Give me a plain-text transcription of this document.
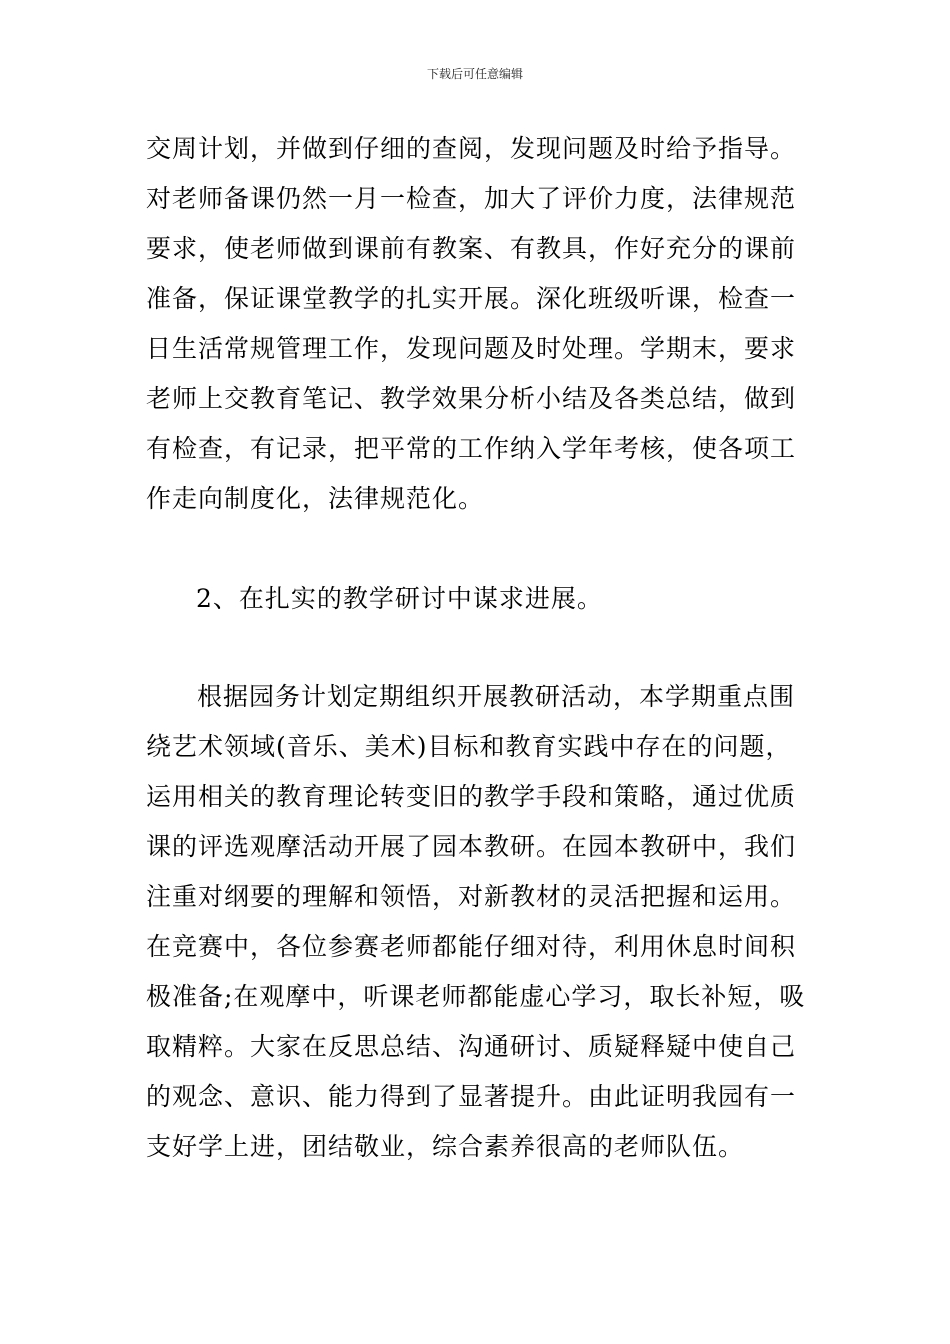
下载后可任意编辑
交周计划，并做到仔细的查阅，发现问题及时给予指导。
对老师备课仍然一月一检查，加大了评价力度，法律规范
要求，使老师做到课前有教案、有教具，作好充分的课前
准备，保证课堂教学的扎实开展。深化班级听课，检查一
日生活常规管理工作，发现问题及时处理。学期末，要求
老师上交教育笔记、教学效果分析小结及各类总结，做到
有检查，有记录，把平常的工作纳入学年考核，使各项工
作走向制度化，法律规范化。
2、在扎实的教学研讨中谋求进展。
根据园务计划定期组织开展教研活动，本学期重点围
绕艺术领域(音乐、美术)目标和教育实践中存在的问题，
运用相关的教育理论转变旧的教学手段和策略，通过优质
课的评选观摩活动开展了园本教研。在园本教研中，我们
注重对纲要的理解和领悟，对新教材的灵活把握和运用。
在竞赛中，各位参赛老师都能仔细对待，利用休息时间积
极准备;在观摩中，听课老师都能虚心学习，取长补短，吸
取精粹。大家在反思总结、沟通研讨、质疑释疑中使自己
的观念、意识、能力得到了显著提升。由此证明我园有一
支好学上进，团结敬业，综合素养很高的老师队伍。
